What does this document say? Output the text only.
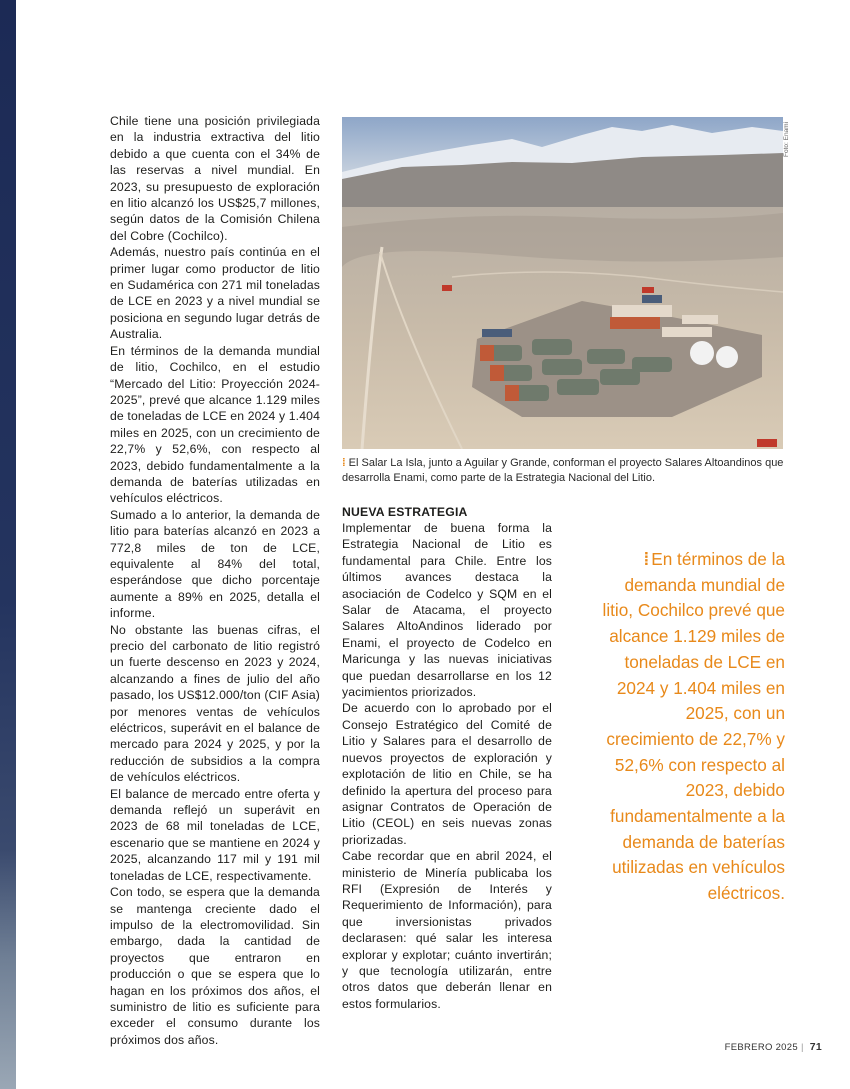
Chile tiene una posición privilegiada en la industria extractiva del litio debido a que cuenta con el 34% de las reservas a nivel mundial. En 2023, su presupuesto de exploración en litio alcanzó los US$25,7 millones, según datos de la Comisión Chilena del Cobre (Cochilco).

Además, nuestro país continúa en el primer lugar como productor de litio en Sudamérica con 271 mil toneladas de LCE en 2023 y a nivel mundial se posiciona en segundo lugar detrás de Australia.

En términos de la demanda mundial de litio, Cochilco, en el estudio “Mercado del Litio: Proyección 2024-2025”, prevé que alcance 1.129 miles de toneladas de LCE en 2024 y 1.404 miles en 2025, con un crecimiento de 22,7% y 52,6%, con respecto al 2023, debido fundamentalmente a la demanda de baterías utilizadas en vehículos eléctricos.

Sumado a lo anterior, la demanda de litio para baterías alcanzó en 2023 a 772,8 miles de ton de LCE, equivalente al 84% del total, esperándose que dicho porcentaje aumente a 89% en 2025, detalla el informe.

No obstante las buenas cifras, el precio del carbonato de litio registró un fuerte descenso en 2023 y 2024, alcanzando a fines de julio del año pasado, los US$12.000/ton (CIF Asia) por menores ventas de vehículos eléctricos, superávit en el balance de mercado para 2024 y 2025, y por la reducción de subsidios a la compra de vehículos eléctricos.

El balance de mercado entre oferta y demanda reflejó un superávit en 2023 de 68 mil toneladas de LCE, escenario que se mantiene en 2024 y 2025, alcanzando 117 mil y 191 mil toneladas de LCE, respectivamente.

Con todo, se espera que la demanda se mantenga creciente dado el impulso de la electromovilidad. Sin embargo, dada la cantidad de proyectos que entraron en producción o que se espera que lo hagan en los próximos dos años, el suministro de litio es suficiente para exceder el consumo durante los próximos dos años.

Foto: Enami

⁞ El Salar La Isla, junto a Aguilar y Grande, conforman el proyecto Salares Altoandinos que desarrolla Enami, como parte de la Estrategia Nacional del Litio.

NUEVA ESTRATEGIA

Implementar de buena forma la Estrategia Nacional de Litio es fundamental para Chile. Entre los últimos avances destaca la asociación de Codelco y SQM en el Salar de Atacama, el proyecto Salares AltoAndinos liderado por Enami, el proyecto de Codelco en Maricunga y las nuevas iniciativas que puedan desarrollarse en los 12 yacimientos priorizados.

De acuerdo con lo aprobado por el Consejo Estratégico del Comité de Litio y Salares para el desarrollo de nuevos proyectos de exploración y explotación de litio en Chile, se ha definido la apertura del proceso para asignar Contratos de Operación de Litio (CEOL) en seis nuevas zonas priorizadas.

Cabe recordar que en abril 2024, el ministerio de Minería publicaba los RFI (Expresión de Interés y Requerimiento de Información), para que inversionistas privados declarasen: qué salar les interesa explorar y explotar; cuánto invertirán; y que tecnología utilizarán, entre otros datos que deberán llenar en estos formularios.

⁞ En términos de la demanda mundial de litio, Cochilco prevé que alcance 1.129 miles de toneladas de LCE en 2024 y 1.404 miles en 2025, con un crecimiento de 22,7% y 52,6% con respecto al 2023, debido fundamentalmente a la demanda de baterías utilizadas en vehículos eléctricos.

FEBRERO 2025 | 71
